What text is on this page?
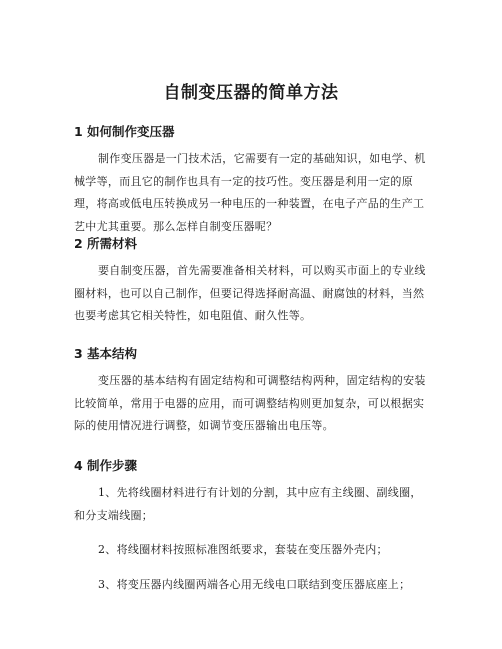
自制变压器的简单方法
1 如何制作变压器

制作变压器是一门技术活，它需要有一定的基础知识，如电学、机械学等，而且它的制作也具有一定的技巧性。变压器是利用一定的原理，将高或低电压转换成另一种电压的一种装置，在电子产品的生产工艺中尤其重要。那么怎样自制变压器呢？

2 所需材料

要自制变压器，首先需要准备相关材料，可以购买市面上的专业线圈材料，也可以自己制作，但要记得选择耐高温、耐腐蚀的材料，当然也要考虑其它相关特性，如电阻值、耐久性等。

3 基本结构

变压器的基本结构有固定结构和可调整结构两种，固定结构的安装比较简单，常用于电器的应用，而可调整结构则更加复杂，可以根据实际的使用情况进行调整，如调节变压器输出电压等。

4 制作步骤
1、先将线圈材料进行有计划的分割，其中应有主线圈、副线圈，和分支端线圈；
2、将线圈材料按照标准图纸要求，套装在变压器外壳内；
3、将变压器内线圈两端各心用无线电口联结到变压器底座上；
